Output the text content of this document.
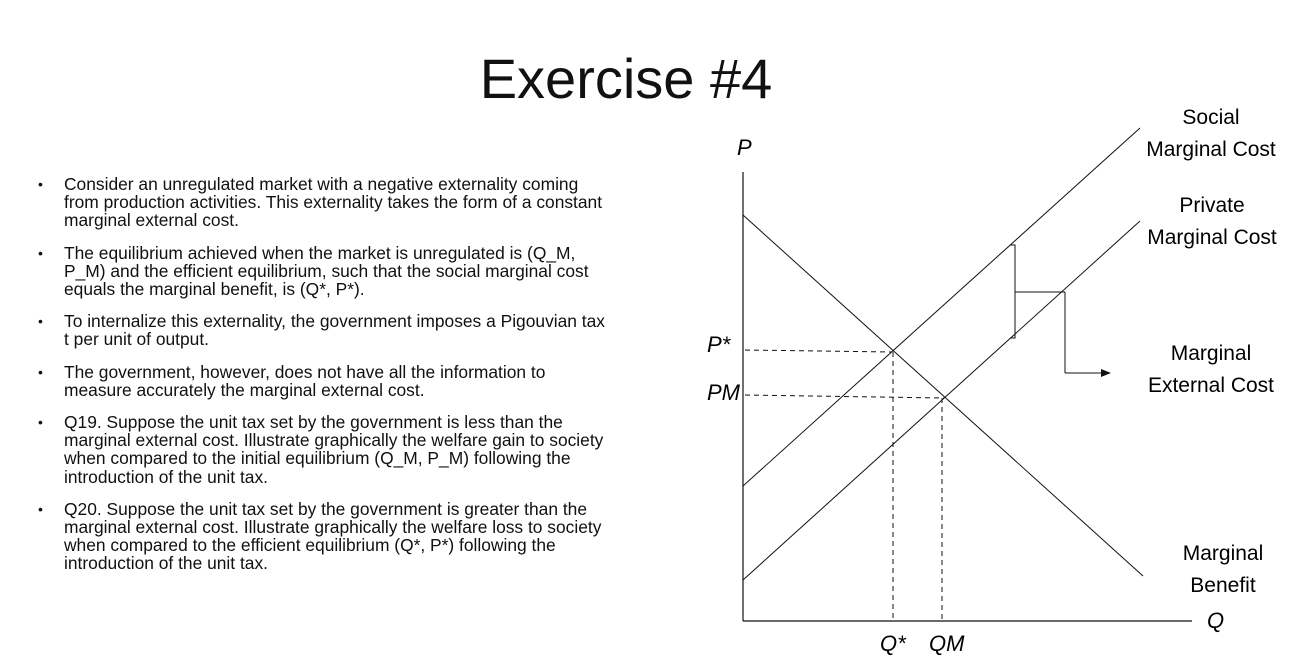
Exercise #4
• Consider an unregulated market with a negative externality coming from production activities. This externality takes the form of a constant marginal external cost.
• The equilibrium achieved when the market is unregulated is (Q_M, P_M) and the efficient equilibrium, such that the social marginal cost equals the marginal benefit, is (Q*, P*).
• To internalize this externality, the government imposes a Pigouvian tax t per unit of output.
• The government, however, does not have all the information to measure accurately the marginal external cost.
• Q19. Suppose the unit tax set by the government is less than the marginal external cost. Illustrate graphically the welfare gain to society when compared to the initial equilibrium (Q_M, P_M) following the introduction of the unit tax.
• Q20. Suppose the unit tax set by the government is greater than the marginal external cost. Illustrate graphically the welfare loss to society when compared to the efficient equilibrium (Q*, P*) following the introduction of the unit tax.
P
Q
P*
PM
Q* QM
Social
Marginal Cost
Private
Marginal Cost
Marginal
External Cost
Marginal
Benefit
